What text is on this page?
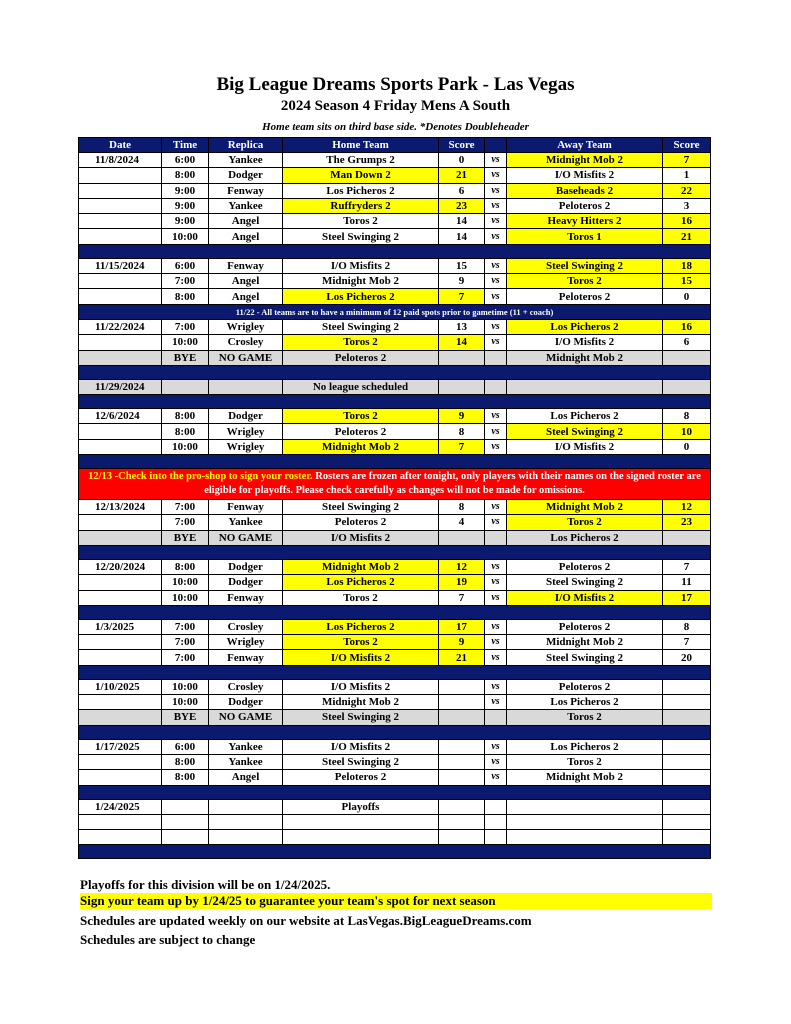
Big League Dreams Sports Park - Las Vegas
2024 Season 4 Friday Mens A South
Home team sits on third base side. *Denotes Doubleheader
Date	Time	Replica	Home Team	Score		Away Team	Score
11/8/2024	6:00	Yankee	The Grumps 2	0	vs	Midnight Mob 2	7
	8:00	Dodger	Man Down 2	21	vs	I/O Misfits 2	1
	9:00	Fenway	Los Picheros 2	6	vs	Baseheads 2	22
	9:00	Yankee	Ruffryders 2	23	vs	Peloteros 2	3
	9:00	Angel	Toros 2	14	vs	Heavy Hitters 2	16
	10:00	Angel	Steel Swinging 2	14	vs	Toros 1	21

11/15/2024	6:00	Fenway	I/O Misfits 2	15	vs	Steel Swinging 2	18
	7:00	Angel	Midnight Mob 2	9	vs	Toros 2	15
	8:00	Angel	Los Picheros 2	7	vs	Peloteros 2	0
11/22 - All teams are to have a minimum of 12 paid spots prior to gametime (11 + coach)							
11/22/2024	7:00	Wrigley	Steel Swinging 2	13	vs	Los Picheros 2	16
	10:00	Crosley	Toros 2	14	vs	I/O Misfits 2	6
	BYE	NO GAME	Peloteros 2			Midnight Mob 2	

11/29/2024			No league scheduled				

12/6/2024	8:00	Dodger	Toros 2	9	vs	Los Picheros 2	8
	8:00	Wrigley	Peloteros 2	8	vs	Steel Swinging 2	10
	10:00	Wrigley	Midnight Mob 2	7	vs	I/O Misfits 2	0

12/13 -Check into the pro-shop to sign your roster. Rosters are frozen after tonight, only players with their names on the signed roster are eligible for playoffs. Please check carefully as changes will not be made for omissions.							
12/13/2024	7:00	Fenway	Steel Swinging 2	8	vs	Midnight Mob 2	12
	7:00	Yankee	Peloteros 2	4	vs	Toros 2	23
	BYE	NO GAME	I/O Misfits 2			Los Picheros 2	

12/20/2024	8:00	Dodger	Midnight Mob 2	12	vs	Peloteros 2	7
	10:00	Dodger	Los Picheros 2	19	vs	Steel Swinging 2	11
	10:00	Fenway	Toros 2	7	vs	I/O Misfits 2	17

1/3/2025	7:00	Crosley	Los Picheros 2	17	vs	Peloteros 2	8
	7:00	Wrigley	Toros 2	9	vs	Midnight Mob 2	7
	7:00	Fenway	I/O Misfits 2	21	vs	Steel Swinging 2	20

1/10/2025	10:00	Crosley	I/O Misfits 2		vs	Peloteros 2	
	10:00	Dodger	Midnight Mob 2		vs	Los Picheros 2	
	BYE	NO GAME	Steel Swinging 2			Toros 2	

1/17/2025	6:00	Yankee	I/O Misfits 2		vs	Los Picheros 2	
	8:00	Yankee	Steel Swinging 2		vs	Toros 2	
	8:00	Angel	Peloteros 2		vs	Midnight Mob 2	

1/24/2025			Playoffs				

Playoffs for this division will be on 1/24/2025.
Sign your team up by 1/24/25 to guarantee your team's spot for next season
Schedules are updated weekly on our website at LasVegas.BigLeagueDreams.com
Schedules are subject to change
